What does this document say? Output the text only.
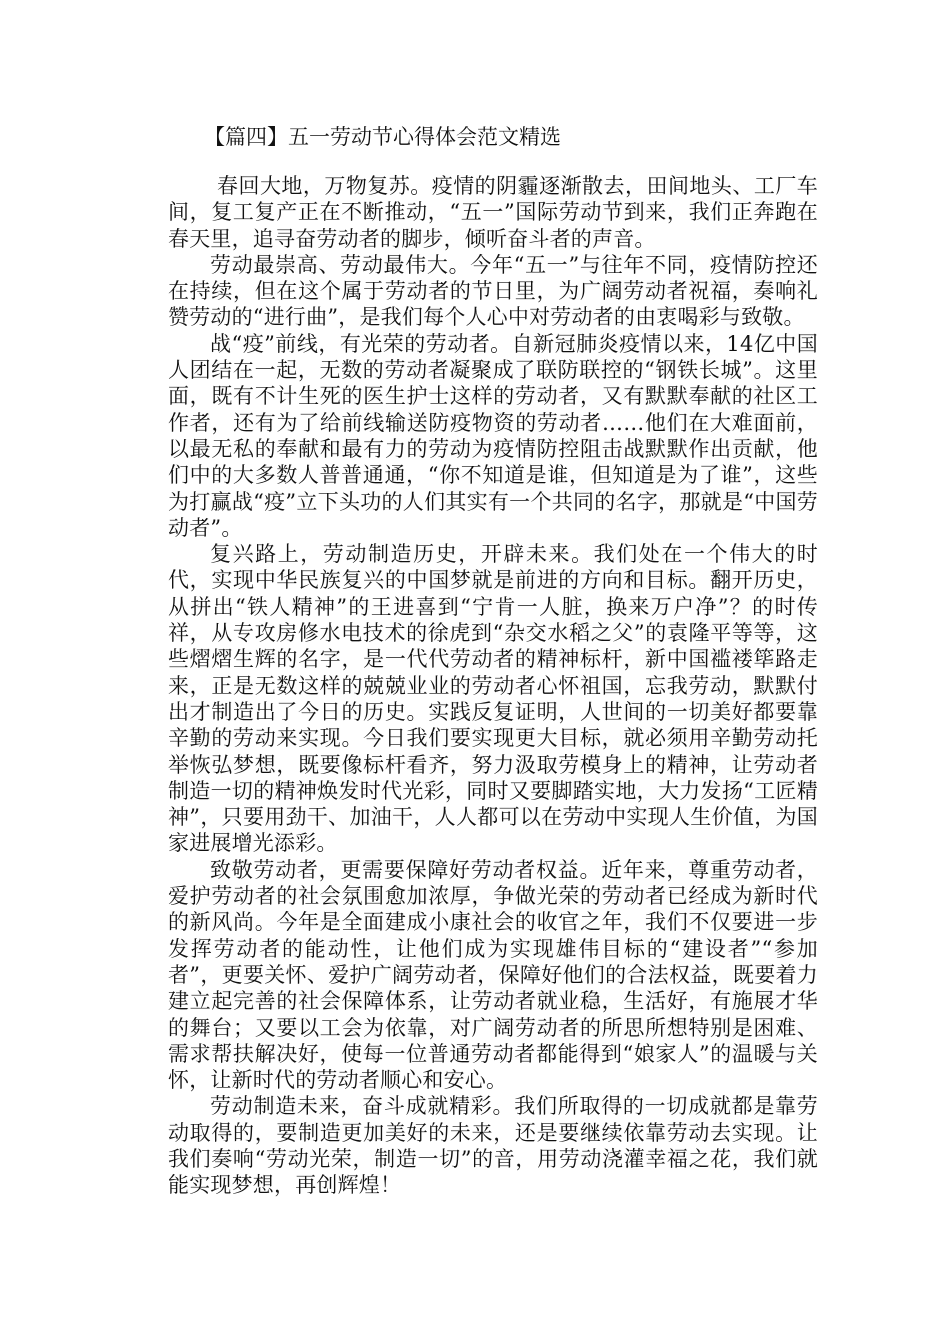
【篇四】五一劳动节心得体会范文精选

春回大地，万物复苏。疫情的阴霾逐渐散去，田间地头、工厂车间，复工复产正在不断推动，“五一”国际劳动节到来，我们正奔跑在春天里，追寻奋劳动者的脚步，倾听奋斗者的声音。

劳动最崇高、劳动最伟大。今年“五一”与往年不同，疫情防控还在持续，但在这个属于劳动者的节日里，为广阔劳动者祝福，奏响礼赞劳动的“进行曲”，是我们每个人心中对劳动者的由衷喝彩与致敬。

战“疫”前线，有光荣的劳动者。自新冠肺炎疫情以来，14亿中国人团结在一起，无数的劳动者凝聚成了联防联控的“钢铁长城”。这里面，既有不计生死的医生护士这样的劳动者，又有默默奉献的社区工作者，还有为了给前线输送防疫物资的劳动者……他们在大难面前，以最无私的奉献和最有力的劳动为疫情防控阻击战默默作出贡献，他们中的大多数人普普通通，“你不知道是谁，但知道是为了谁”，这些为打赢战“疫”立下头功的人们其实有一个共同的名字，那就是“中国劳动者”。

复兴路上，劳动制造历史，开辟未来。我们处在一个伟大的时代，实现中华民族复兴的中国梦就是前进的方向和目标。翻开历史，从拼出“铁人精神”的王进喜到“宁肯一人脏，换来万户净”？的时传祥，从专攻房修水电技术的徐虎到“杂交水稻之父”的袁隆平等等，这些熠熠生辉的名字，是一代代劳动者的精神标杆，新中国褴褛筚路走来，正是无数这样的兢兢业业的劳动者心怀祖国，忘我劳动，默默付出才制造出了今日的历史。实践反复证明，人世间的一切美好都要靠辛勤的劳动来实现。今日我们要实现更大目标，就必须用辛勤劳动托举恢弘梦想，既要像标杆看齐，努力汲取劳模身上的精神，让劳动者制造一切的精神焕发时代光彩，同时又要脚踏实地，大力发扬“工匠精神”，只要用劲干、加油干，人人都可以在劳动中实现人生价值，为国家进展增光添彩。

致敬劳动者，更需要保障好劳动者权益。近年来，尊重劳动者，爱护劳动者的社会氛围愈加浓厚，争做光荣的劳动者已经成为新时代的新风尚。今年是全面建成小康社会的收官之年，我们不仅要进一步发挥劳动者的能动性，让他们成为实现雄伟目标的“建设者”“参加者”，更要关怀、爱护广阔劳动者，保障好他们的合法权益，既要着力建立起完善的社会保障体系，让劳动者就业稳，生活好，有施展才华的舞台；又要以工会为依靠，对广阔劳动者的所思所想特别是困难、需求帮扶解决好，使每一位普通劳动者都能得到“娘家人”的温暖与关怀，让新时代的劳动者顺心和安心。

劳动制造未来，奋斗成就精彩。我们所取得的一切成就都是靠劳动取得的，要制造更加美好的未来，还是要继续依靠劳动去实现。让我们奏响“劳动光荣，制造一切”的音，用劳动浇灌幸福之花，我们就能实现梦想，再创辉煌！
